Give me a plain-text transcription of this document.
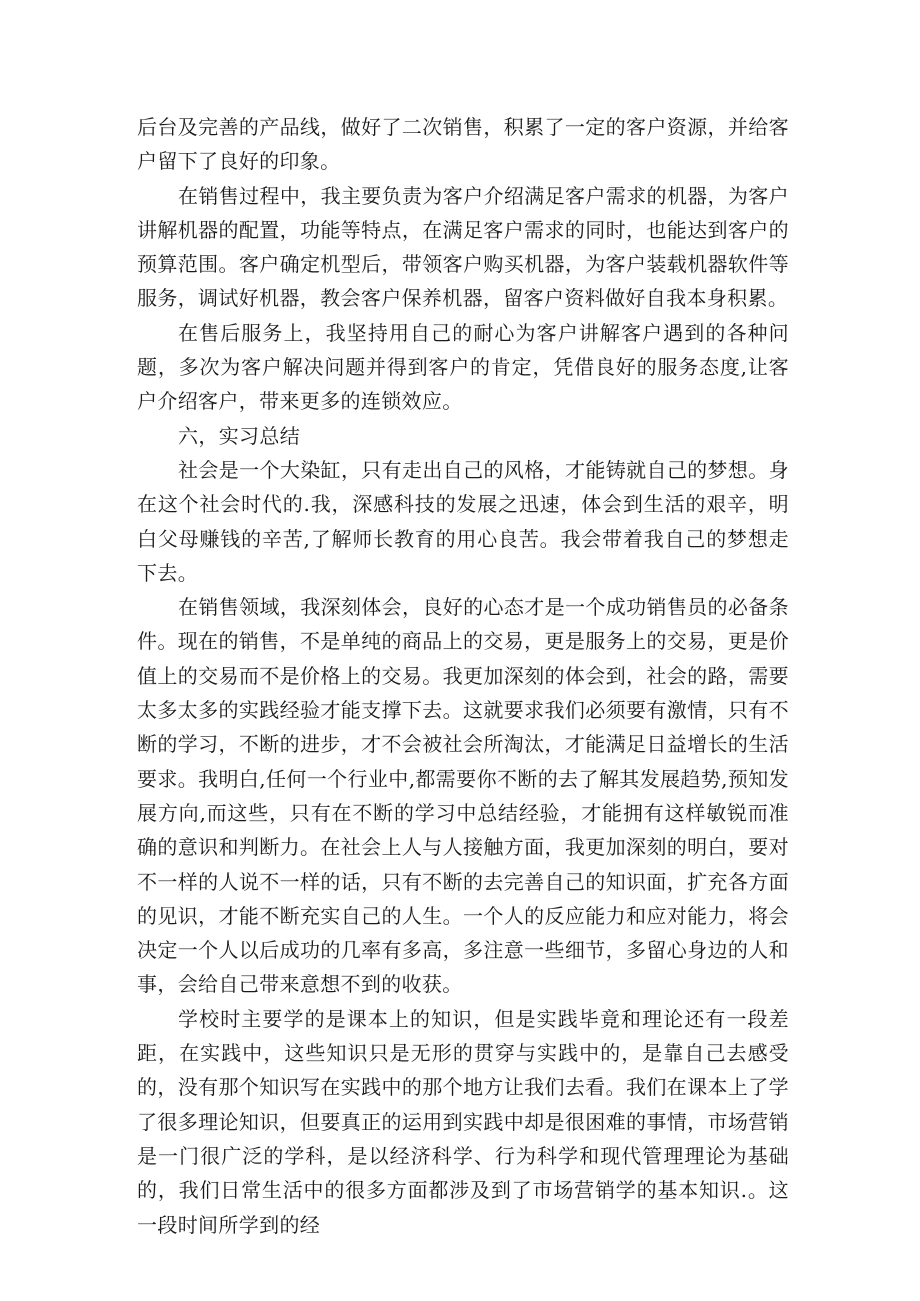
后台及完善的产品线，做好了二次销售，积累了一定的客户资源，并给客户留下了良好的印象。

在销售过程中，我主要负责为客户介绍满足客户需求的机器，为客户讲解机器的配置，功能等特点，在满足客户需求的同时，也能达到客户的预算范围。客户确定机型后，带领客户购买机器，为客户装载机器软件等服务，调试好机器，教会客户保养机器，留客户资料做好自我本身积累。

在售后服务上，我坚持用自己的耐心为客户讲解客户遇到的各种问题，多次为客户解决问题并得到客户的肯定，凭借良好的服务态度,让客户介绍客户，带来更多的连锁效应。

六，实习总结

社会是一个大染缸，只有走出自己的风格，才能铸就自己的梦想。身在这个社会时代的.我，深感科技的发展之迅速，体会到生活的艰辛，明白父母赚钱的辛苦,了解师长教育的用心良苦。我会带着我自己的梦想走下去。

在销售领域，我深刻体会，良好的心态才是一个成功销售员的必备条件。现在的销售，不是单纯的商品上的交易，更是服务上的交易，更是价值上的交易而不是价格上的交易。我更加深刻的体会到，社会的路，需要太多太多的实践经验才能支撑下去。这就要求我们必须要有激情，只有不断的学习，不断的进步，才不会被社会所淘汰，才能满足日益增长的生活要求。我明白,任何一个行业中,都需要你不断的去了解其发展趋势,预知发展方向,而这些，只有在不断的学习中总结经验，才能拥有这样敏锐而准确的意识和判断力。在社会上人与人接触方面，我更加深刻的明白，要对不一样的人说不一样的话，只有不断的去完善自己的知识面，扩充各方面的见识，才能不断充实自己的人生。一个人的反应能力和应对能力，将会决定一个人以后成功的几率有多高，多注意一些细节，多留心身边的人和事，会给自己带来意想不到的收获。

学校时主要学的是课本上的知识，但是实践毕竟和理论还有一段差距，在实践中，这些知识只是无形的贯穿与实践中的，是靠自己去感受的，没有那个知识写在实践中的那个地方让我们去看。我们在课本上了学了很多理论知识，但要真正的运用到实践中却是很困难的事情，市场营销是一门很广泛的学科，是以经济科学、行为科学和现代管理理论为基础的，我们日常生活中的很多方面都涉及到了市场营销学的基本知识.。这一段时间所学到的经
